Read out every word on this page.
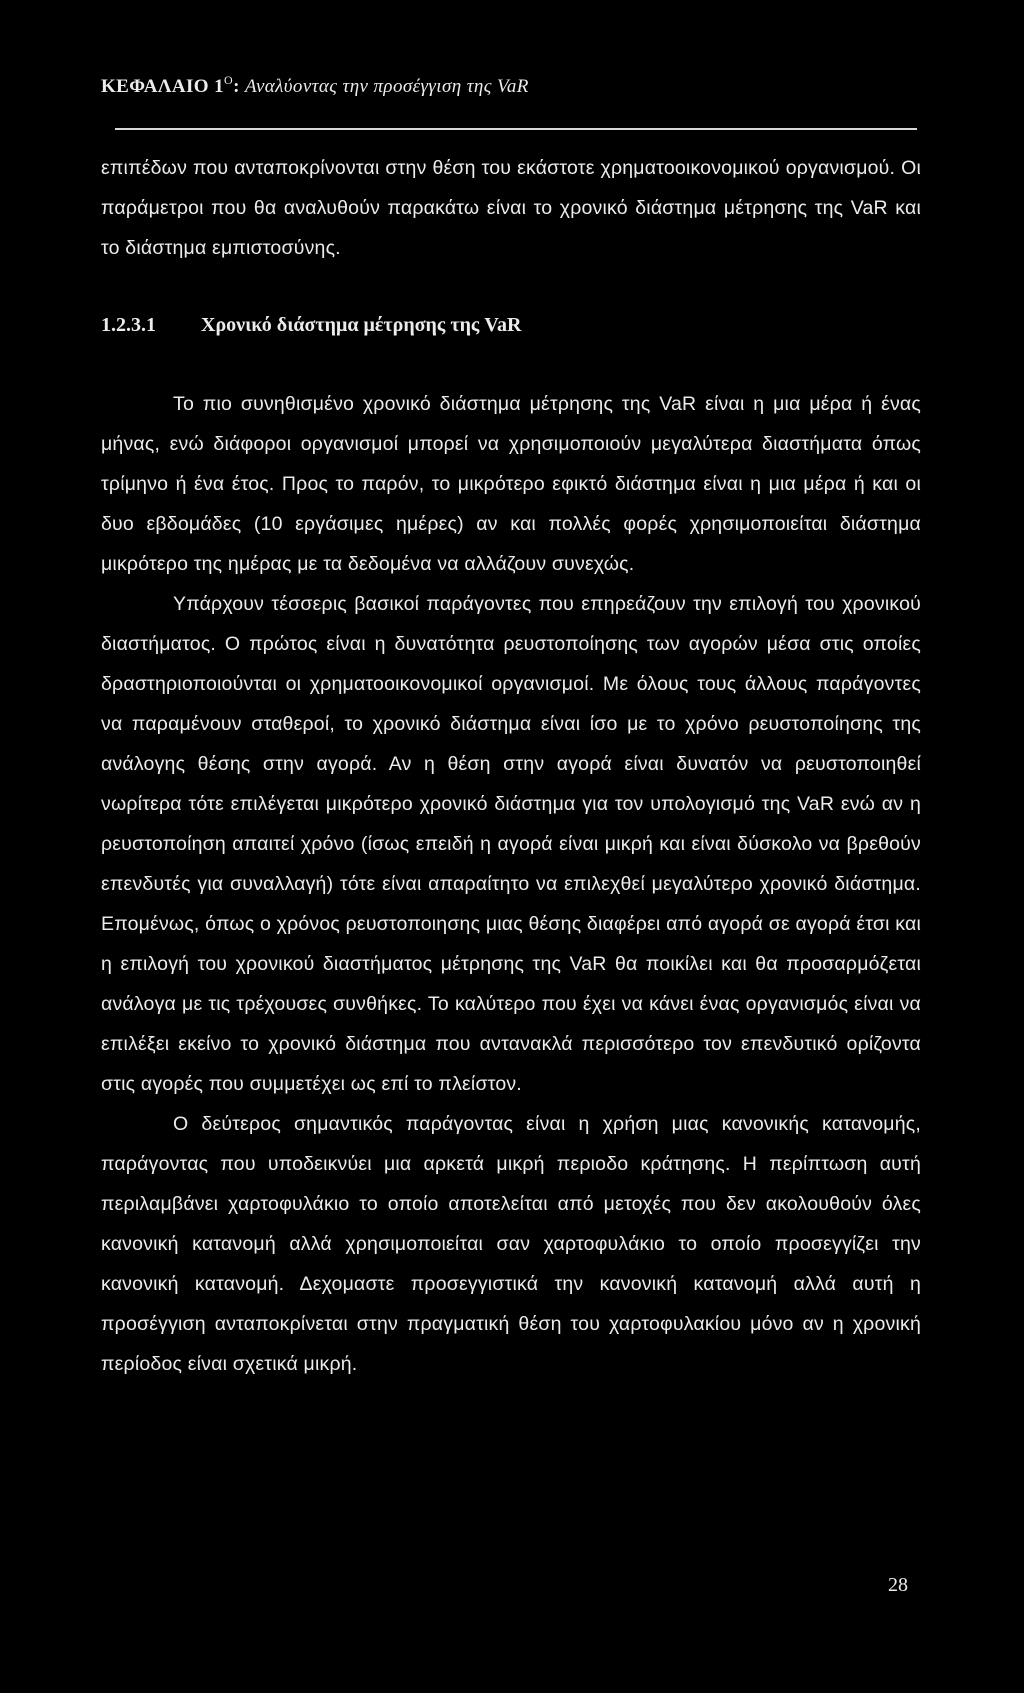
ΚΕΦΑΛΑΙΟ $1^O$: Αναλύοντας την προσέγγιση της VaR

επιπέδων που ανταποκρίνονται στην θέση του εκάστοτε χρηματοοικονομικού οργανισμού. Οι παράμετροι που θα αναλυθούν παρακάτω είναι το χρονικό διάστημα μέτρησης της VaR και το διάστημα εμπιστοσύνης.

1.2.3.1 Χρονικό διάστημα μέτρησης της VaR

Το πιο συνηθισμένο χρονικό διάστημα μέτρησης της VaR είναι η μια μέρα ή ένας μήνας, ενώ διάφοροι οργανισμοί μπορεί να χρησιμοποιούν μεγαλύτερα διαστήματα όπως τρίμηνο ή ένα έτος. Προς το παρόν, το μικρότερο εφικτό διάστημα είναι η μια μέρα ή και οι δυο εβδομάδες (10 εργάσιμες ημέρες) αν και πολλές φορές χρησιμοποιείται διάστημα μικρότερο της ημέρας με τα δεδομένα να αλλάζουν συνεχώς.

Υπάρχουν τέσσερις βασικοί παράγοντες που επηρεάζουν την επιλογή του χρονικού διαστήματος. Ο πρώτος είναι η δυνατότητα ρευστοποίησης των αγορών μέσα στις οποίες δραστηριοποιούνται οι χρηματοοικονομικοί οργανισμοί. Με όλους τους άλλους παράγοντες να παραμένουν σταθεροί, το χρονικό διάστημα είναι ίσο με το χρόνο ρευστοποίησης της ανάλογης θέσης στην αγορά. Αν η θέση στην αγορά είναι δυνατόν να ρευστοποιηθεί νωρίτερα τότε επιλέγεται μικρότερο χρονικό διάστημα για τον υπολογισμό της VaR ενώ αν η ρευστοποίηση απαιτεί χρόνο (ίσως επειδή η αγορά είναι μικρή και είναι δύσκολο να βρεθούν επενδυτές για συναλλαγή) τότε είναι απαραίτητο να επιλεχθεί μεγαλύτερο χρονικό διάστημα. Επομένως, όπως ο χρόνος ρευστοποιησης μιας θέσης διαφέρει από αγορά σε αγορά έτσι και η επιλογή του χρονικού διαστήματος μέτρησης της VaR θα ποικίλει και θα προσαρμόζεται ανάλογα με τις τρέχουσες συνθήκες. Το καλύτερο που έχει να κάνει ένας οργανισμός είναι να επιλέξει εκείνο το χρονικό διάστημα που αντανακλά περισσότερο τον επενδυτικό ορίζοντα στις αγορές που συμμετέχει ως επί το πλείστον.

Ο δεύτερος σημαντικός παράγοντας είναι η χρήση μιας κανονικής κατανομής, παράγοντας που υποδεικνύει μια αρκετά μικρή περιοδο κράτησης. Η περίπτωση αυτή περιλαμβάνει χαρτοφυλάκιο το οποίο αποτελείται από μετοχές που δεν ακολουθούν όλες κανονική κατανομή αλλά χρησιμοποιείται σαν χαρτοφυλάκιο το οποίο προσεγγίζει την κανονική κατανομή. Δεχομαστε προσεγγιστικά την κανονική κατανομή αλλά αυτή η προσέγγιση ανταποκρίνεται στην πραγματική θέση του χαρτοφυλακίου μόνο αν η χρονική περίοδος είναι σχετικά μικρή.

28
